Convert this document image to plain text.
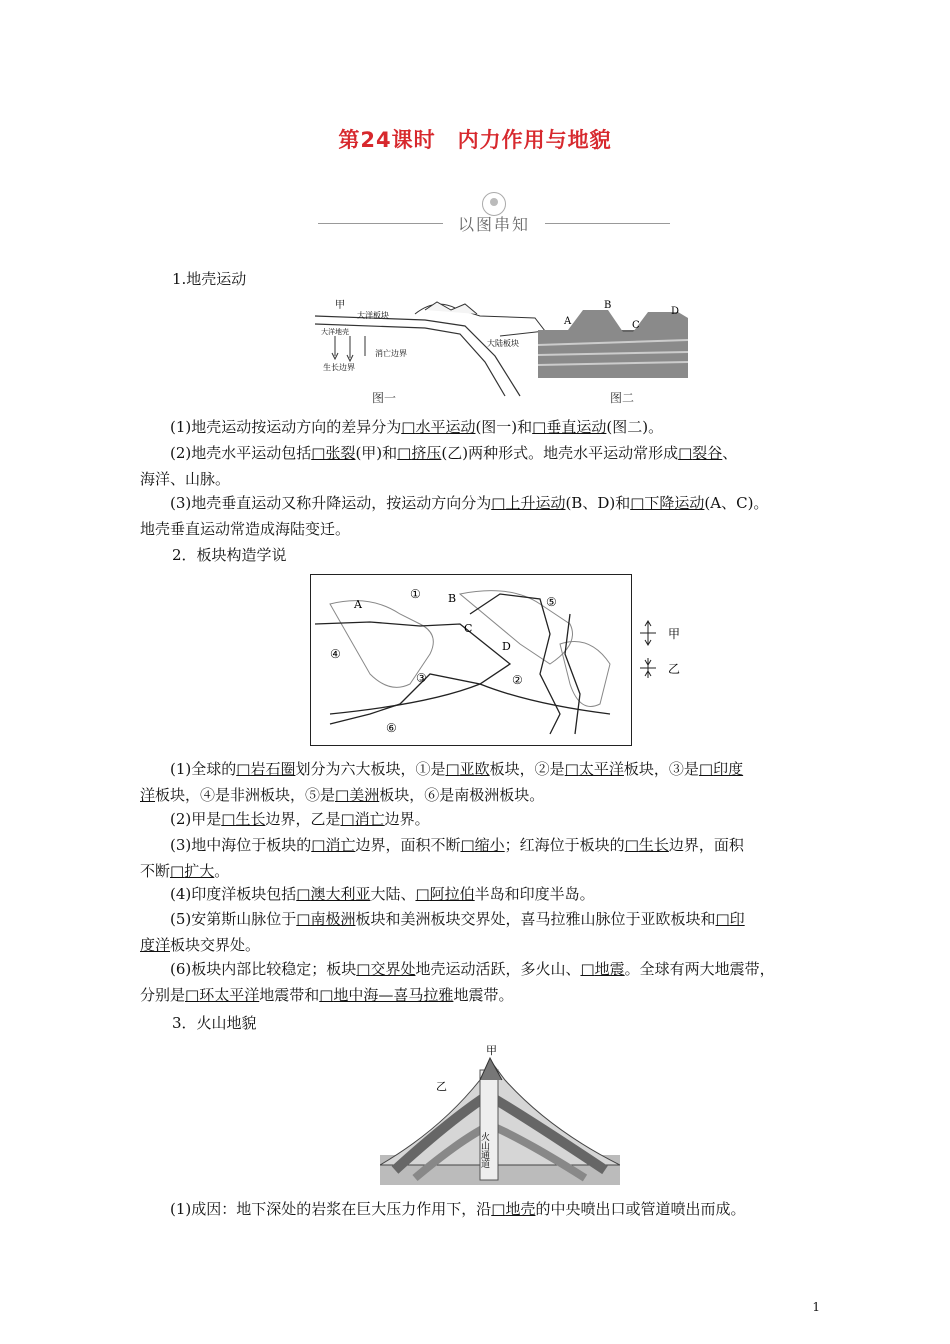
第24课时　内力作用与地貌
以图串知
1.地壳运动
甲
大洋板块
大陆板块
生长边界
消亡边界
大洋地壳
图一
A
B
C
D
图二
(1)地壳运动按运动方向的差异分为 □ 水平运动(图一)和 □ 垂直运动(图二)。
(2)地壳水平运动包括 □ 张裂(甲)和 □ 挤压(乙)两种形式。地壳水平运动常形成 □ 裂谷、
海洋、山脉。
(3)地壳垂直运动又称升降运动，按运动方向分为 □ 上升运动(B、D)和 □ 下降运动(A、C)。
地壳垂直运动常造成海陆变迁。
2．板块构造学说
①
②
③
④
⑤
⑥
A	B
C
D
甲
乙
(1)全球的 □ 岩石圈划分为六大板块，①是 □ 亚欧板块，②是 □ 太平洋板块，③是 □ 印度
洋板块，④是非洲板块，⑤是 □ 美洲板块，⑥是南极洲板块。
(2)甲是 □ 生长边界，乙是 □ 消亡边界。
(3)地中海位于板块的 □ 消亡边界，面积不断 □ 缩小；红海位于板块的 □ 生长边界，面积
不断 □ 扩大。
(4)印度洋板块包括 □ 澳大利亚大陆、 □ 阿拉伯半岛和印度半岛。
(5)安第斯山脉位于 □ 南极洲板块和美洲板块交界处，喜马拉雅山脉位于亚欧板块和 □ 印
度洋板块交界处。
(6)板块内部比较稳定；板块 □ 交界处地壳运动活跃，多火山、 □ 地震。全球有两大地震带，
分别是 □ 环太平洋地震带和 □ 地中海—喜马拉雅地震带。
3．火山地貌
甲
乙
火山通道
(1)成因：地下深处的岩浆在巨大压力作用下，沿 □ 地壳的中央喷出口或管道喷出而成。
1
